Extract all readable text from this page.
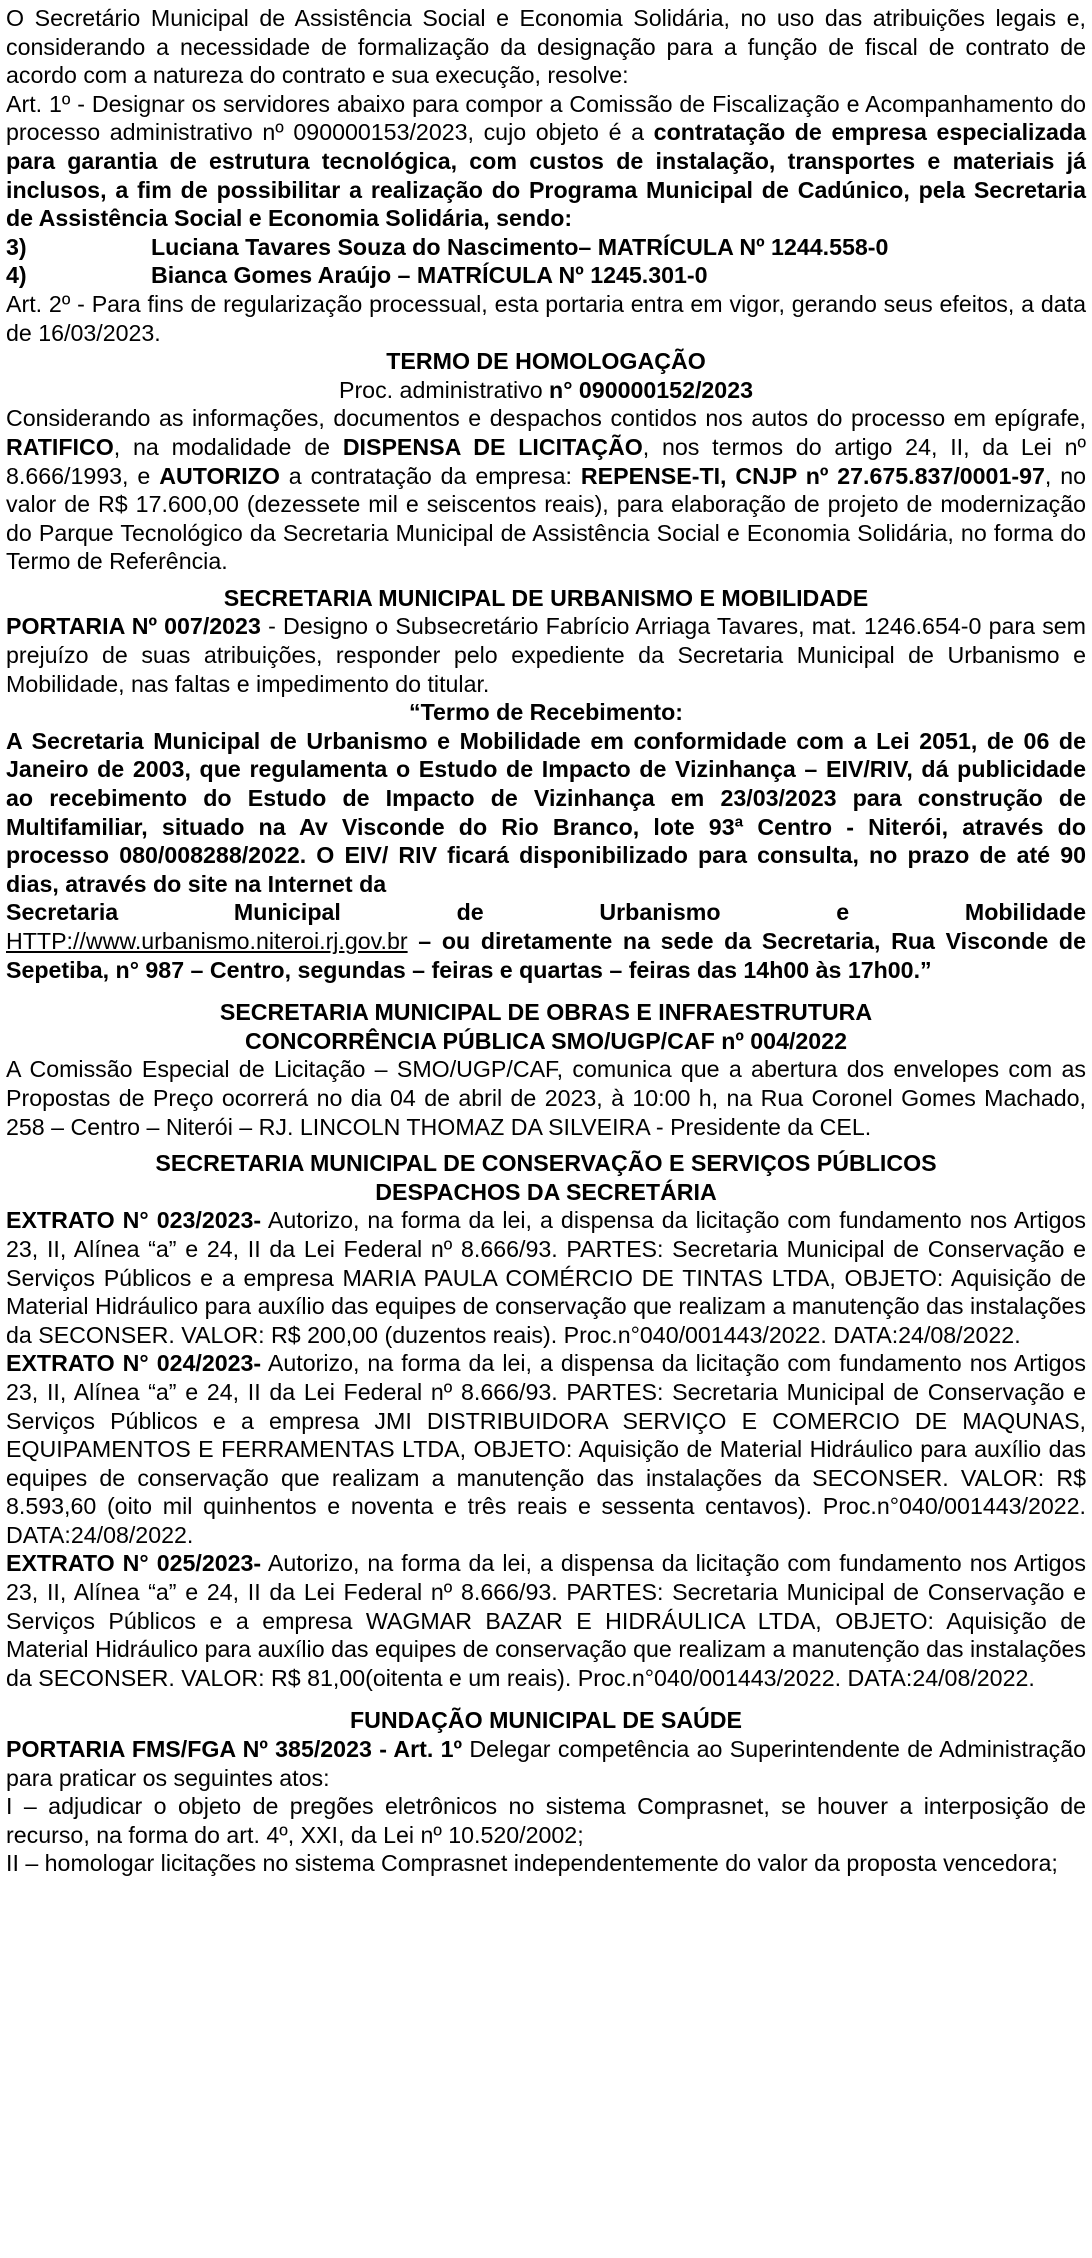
O Secretário Municipal de Assistência Social e Economia Solidária, no uso das atribuições legais e, considerando a necessidade de formalização da designação para a função de fiscal de contrato de acordo com a natureza do contrato e sua execução, resolve:

Art. 1º - Designar os servidores abaixo para compor a Comissão de Fiscalização e Acompanhamento do processo administrativo nº 090000153/2023, cujo objeto é a contratação de empresa especializada para garantia de estrutura tecnológica, com custos de instalação, transportes e materiais já inclusos, a fim de possibilitar a realização do Programa Municipal de Cadúnico, pela Secretaria de Assistência Social e Economia Solidária, sendo:

3)	Luciana Tavares Souza do Nascimento– MATRÍCULA Nº 1244.558-0
4)	Bianca Gomes Araújo – MATRÍCULA Nº 1245.301-0

Art. 2º - Para fins de regularização processual, esta portaria entra em vigor, gerando seus efeitos, a data de 16/03/2023.

TERMO DE HOMOLOGAÇÃO

Proc. administrativo n° 090000152/2023

Considerando as informações, documentos e despachos contidos nos autos do processo em epígrafe, RATIFICO, na modalidade de DISPENSA DE LICITAÇÃO, nos termos do artigo 24, II, da Lei nº 8.666/1993, e AUTORIZO a contratação da empresa: REPENSE-TI, CNJP nº 27.675.837/0001-97, no valor de R$ 17.600,00 (dezessete mil e seiscentos reais), para elaboração de projeto de modernização do Parque Tecnológico da Secretaria Municipal de Assistência Social e Economia Solidária, no forma do Termo de Referência.

SECRETARIA MUNICIPAL DE URBANISMO E MOBILIDADE

PORTARIA Nº 007/2023 - Designo o Subsecretário Fabrício Arriaga Tavares, mat. 1246.654-0 para sem prejuízo de suas atribuições, responder pelo expediente da Secretaria Municipal de Urbanismo e Mobilidade, nas faltas e impedimento do titular.

“Termo de Recebimento:

A Secretaria Municipal de Urbanismo e Mobilidade em conformidade com a Lei 2051, de 06 de Janeiro de 2003, que regulamenta o Estudo de Impacto de Vizinhança – EIV/RIV, dá publicidade ao recebimento do Estudo de Impacto de Vizinhança em 23/03/2023 para construção de Multifamiliar, situado na Av Visconde do Rio Branco, lote 93ª Centro - Niterói, através do processo 080/008288/2022. O EIV/ RIV ficará disponibilizado para consulta, no prazo de até 90 dias, através do site na Internet da

Secretaria Municipal de Urbanismo e Mobilidade

HTTP://www.urbanismo.niteroi.rj.gov.br – ou diretamente na sede da Secretaria, Rua Visconde de Sepetiba, n° 987 – Centro, segundas – feiras e quartas – feiras das 14h00 às 17h00.”

SECRETARIA MUNICIPAL DE OBRAS E INFRAESTRUTURA

CONCORRÊNCIA PÚBLICA SMO/UGP/CAF nº 004/2022

A Comissão Especial de Licitação – SMO/UGP/CAF, comunica que a abertura dos envelopes com as Propostas de Preço ocorrerá no dia 04 de abril de 2023, à 10:00 h, na Rua Coronel Gomes Machado, 258 – Centro – Niterói – RJ. LINCOLN THOMAZ DA SILVEIRA - Presidente da CEL.

SECRETARIA MUNICIPAL DE CONSERVAÇÃO E SERVIÇOS PÚBLICOS

DESPACHOS DA SECRETÁRIA

EXTRATO N° 023/2023- Autorizo, na forma da lei, a dispensa da licitação com fundamento nos Artigos 23, II, Alínea “a” e 24, II da Lei Federal nº 8.666/93. PARTES: Secretaria Municipal de Conservação e Serviços Públicos e a empresa MARIA PAULA COMÉRCIO DE TINTAS LTDA, OBJETO: Aquisição de Material Hidráulico para auxílio das equipes de conservação que realizam a manutenção das instalações da SECONSER. VALOR: R$ 200,00 (duzentos reais). Proc.n°040/001443/2022. DATA:24/08/2022.

EXTRATO N° 024/2023- Autorizo, na forma da lei, a dispensa da licitação com fundamento nos Artigos 23, II, Alínea “a” e 24, II da Lei Federal nº 8.666/93. PARTES: Secretaria Municipal de Conservação e Serviços Públicos e a empresa JMI DISTRIBUIDORA SERVIÇO E COMERCIO DE MAQUNAS, EQUIPAMENTOS E FERRAMENTAS LTDA, OBJETO: Aquisição de Material Hidráulico para auxílio das equipes de conservação que realizam a manutenção das instalações da SECONSER. VALOR: R$ 8.593,60 (oito mil quinhentos e noventa e três reais e sessenta centavos). Proc.n°040/001443/2022. DATA:24/08/2022.

EXTRATO N° 025/2023- Autorizo, na forma da lei, a dispensa da licitação com fundamento nos Artigos 23, II, Alínea “a” e 24, II da Lei Federal nº 8.666/93. PARTES: Secretaria Municipal de Conservação e Serviços Públicos e a empresa WAGMAR BAZAR E HIDRÁULICA LTDA, OBJETO: Aquisição de Material Hidráulico para auxílio das equipes de conservação que realizam a manutenção das instalações da SECONSER. VALOR: R$ 81,00(oitenta e um reais). Proc.n°040/001443/2022. DATA:24/08/2022.

FUNDAÇÃO MUNICIPAL DE SAÚDE

PORTARIA FMS/FGA Nº 385/2023 - Art. 1º Delegar competência ao Superintendente de Administração para praticar os seguintes atos:

I – adjudicar o objeto de pregões eletrônicos no sistema Comprasnet, se houver a interposição de recurso, na forma do art. 4º, XXI, da Lei nº 10.520/2002;

II – homologar licitações no sistema Comprasnet independentemente do valor da proposta vencedora;
